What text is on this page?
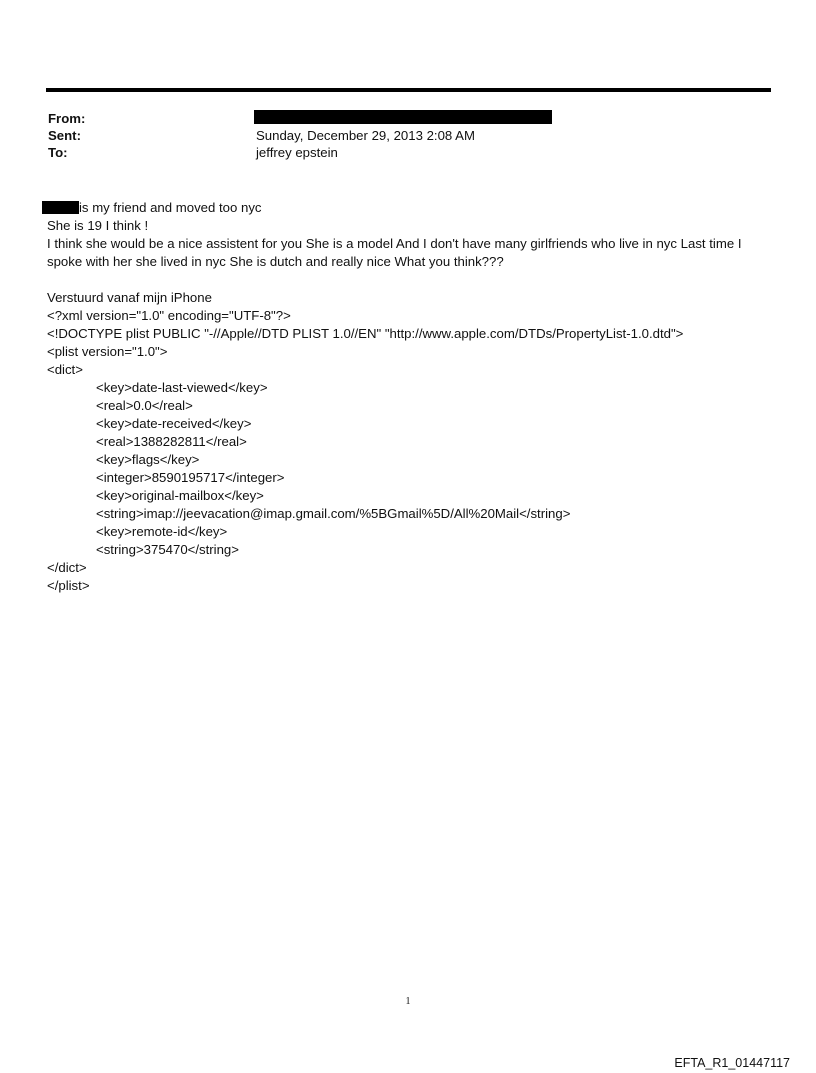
From:
Sent:	Sunday, December 29, 2013 2:08 AM
To:	jeffrey epstein
is my friend and moved too nyc
She is 19 I think !
I think she would be a nice assistent for you She is a model And I don't have many girlfriends who live in nyc Last time I spoke with her she lived in nyc She is dutch and really nice What you think???
Verstuurd vanaf mijn iPhone
<?xml version="1.0" encoding="UTF-8"?>
<!DOCTYPE plist PUBLIC "-//Apple//DTD PLIST 1.0//EN" "http://www.apple.com/DTDs/PropertyList-1.0.dtd">
<plist version="1.0">
<dict>
<key>date-last-viewed</key>
<real>0.0</real>
<key>date-received</key>
<real>1388282811</real>
<key>flags</key>
<integer>8590195717</integer>
<key>original-mailbox</key>
<string>imap://jeevacation@imap.gmail.com/%5BGmail%5D/All%20Mail</string>
<key>remote-id</key>
<string>375470</string>
</dict>
</plist>
1
EFTA_R1_01447117
